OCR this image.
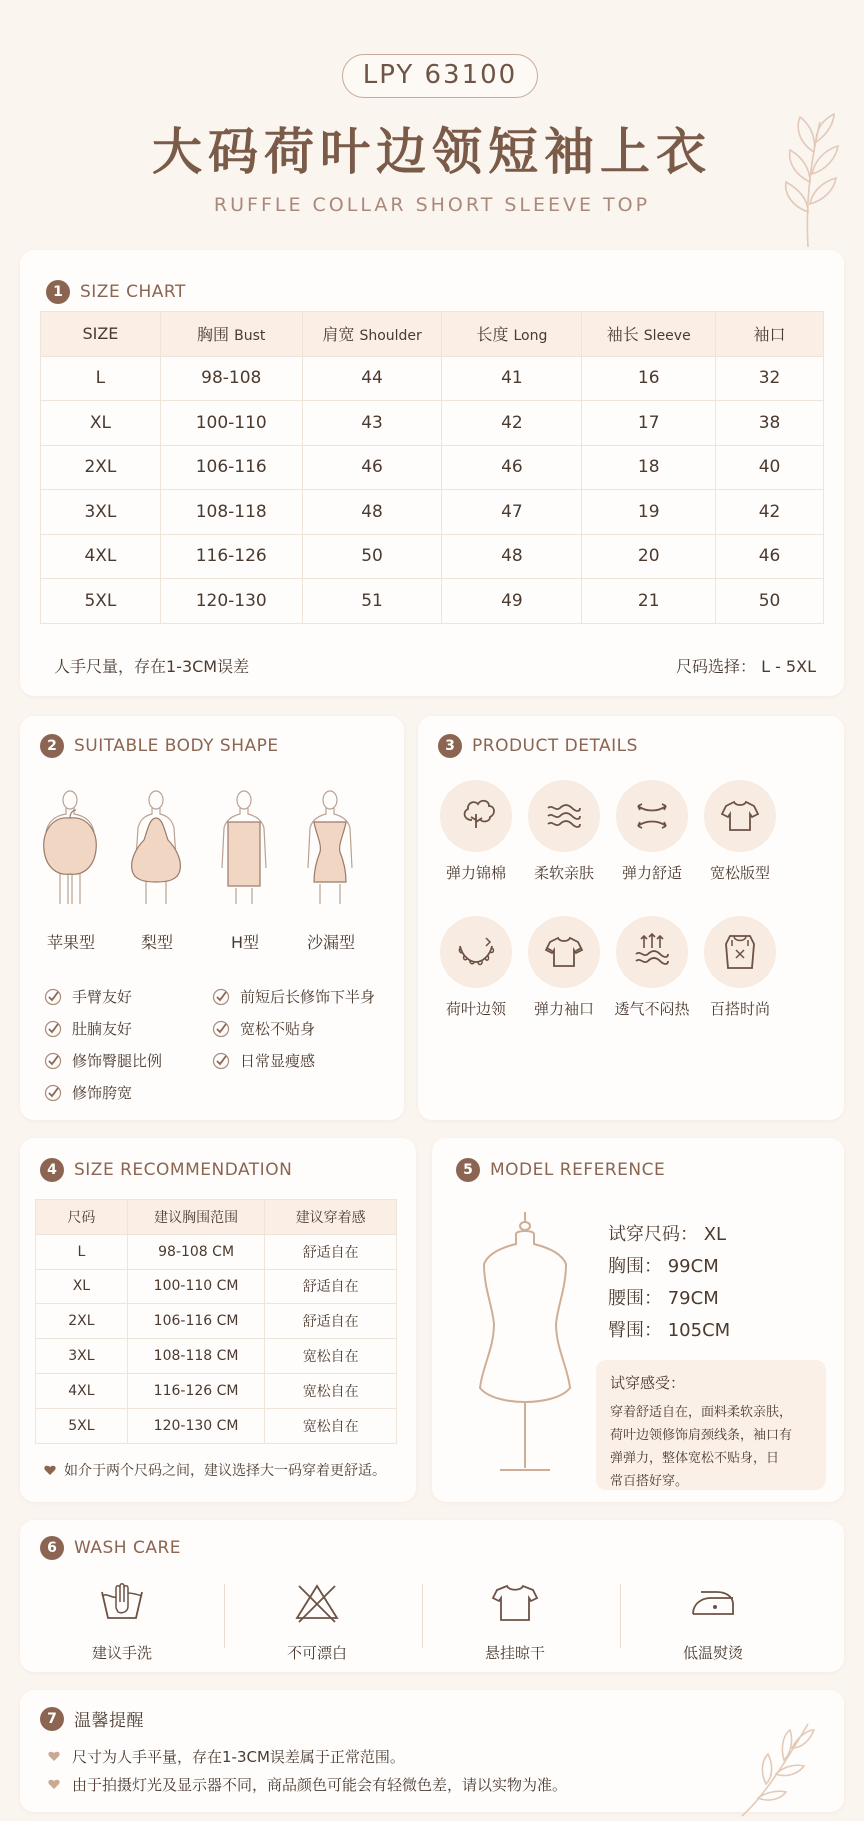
LPY 63100
大码荷叶边领短袖上衣
RUFFLE COLLAR SHORT SLEEVE TOP
1	SIZE CHART
SIZE	胸围 Bust	肩宽 Shoulder	长度 Long	袖长 Sleeve	袖口
L	98-108	44	41	16	32
XL	100-110	43	42	17	38
2XL	106-116	46	46	18	40
3XL	108-118	48	47	19	42
4XL	116-126	50	48	20	46
5XL	120-130	51	49	21	50
人手尺量，存在1-3CM误差	尺码选择： L - 5XL
2	SUITABLE BODY SHAPE
苹果型	梨型	H型	沙漏型
手臂友好
肚腩友好
修饰臀腿比例
修饰胯宽
前短后长修饰下半身
宽松不贴身
日常显瘦感
3	PRODUCT DETAILS
弹力锦棉	柔软亲肤	弹力舒适	宽松版型
荷叶边领	弹力袖口	透气不闷热	百搭时尚
4	SIZE RECOMMENDATION
尺码	建议胸围范围	建议穿着感
L	98-108 CM	舒适自在
XL	100-110 CM	舒适自在
2XL	106-116 CM	舒适自在
3XL	108-118 CM	宽松自在
4XL	116-126 CM	宽松自在
5XL	120-130 CM	宽松自在
如介于两个尺码之间，建议选择大一码穿着更舒适。
5	MODEL REFERENCE
试穿感受：
穿着舒适自在，面料柔软亲肤，
荷叶边领修饰肩颈线条，袖口有
弹弹力，整体宽松不贴身，日
常百搭好穿。
试穿尺码： XL
胸围： 99CM
腰围： 79CM
臀围： 105CM
6	WASH CARE
建议手洗	不可漂白	悬挂晾干	低温熨烫
7	温馨提醒
尺寸为人手平量，存在1-3CM误差属于正常范围。
由于拍摄灯光及显示器不同，商品颜色可能会有轻微色差，请以实物为准。
